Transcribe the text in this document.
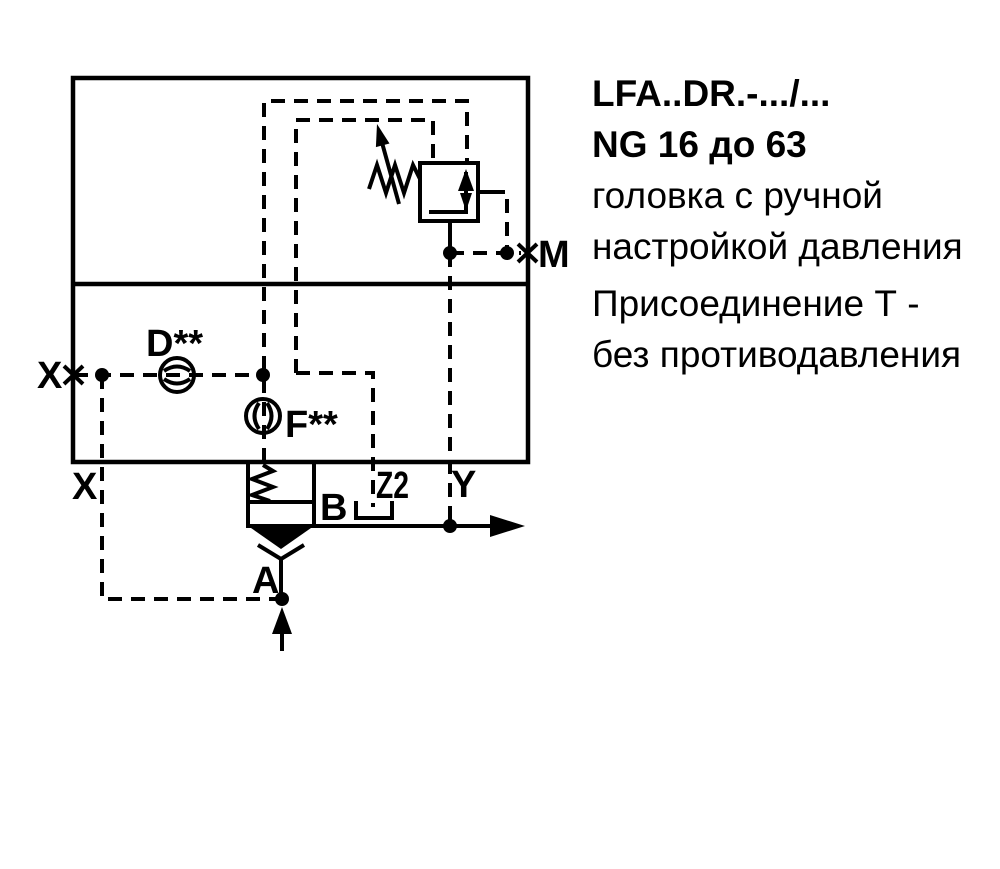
X
D**
F**
X	B
Z2 Y
A
M
LFA..DR.-.../...
NG 16 до 63
головка с ручной
настройкой давления
Присоединение Т -
без противодавления
